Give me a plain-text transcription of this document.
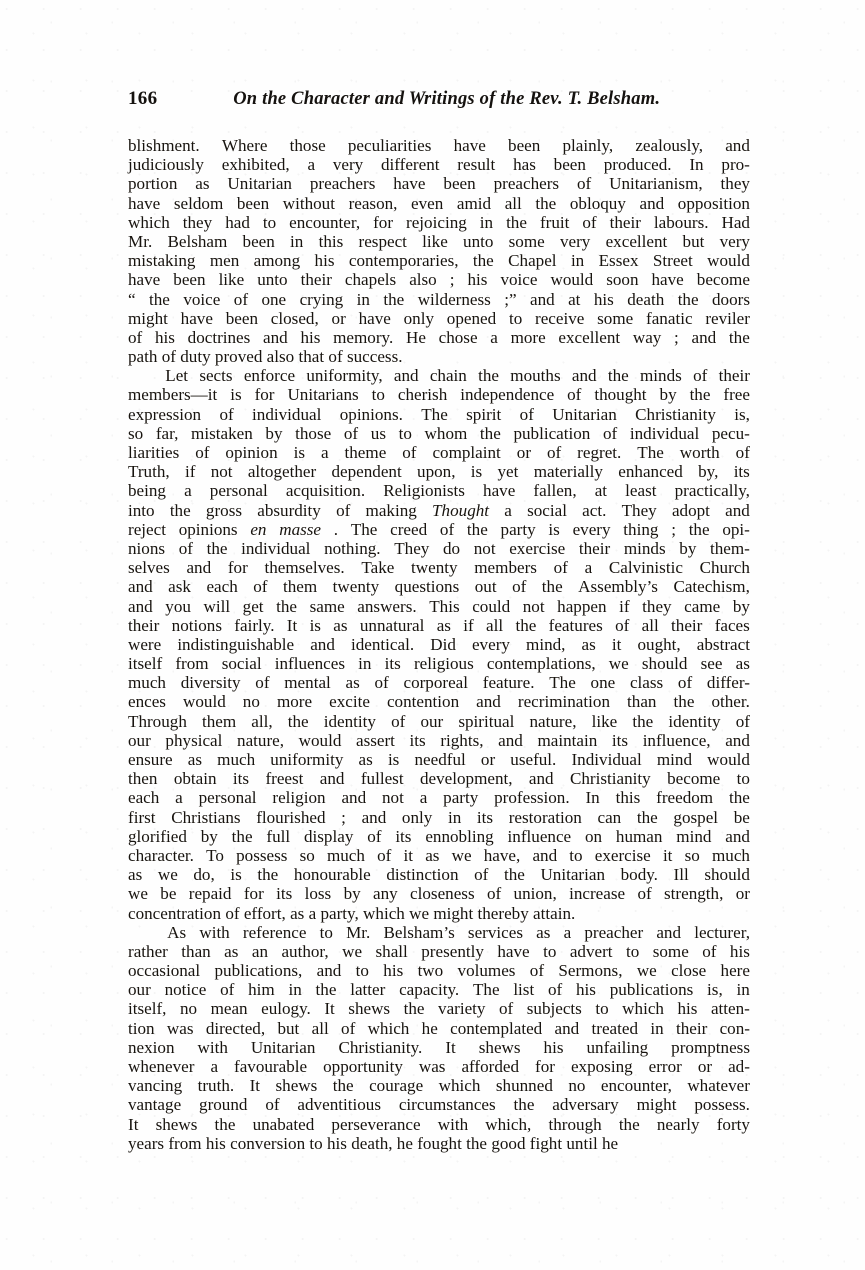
166	On the Character and Writings of the Rev. T. Belsham.

blishment. Where those peculiarities have been plainly, zealously, and
judiciously exhibited, a very different result has been produced. In pro-
portion as Unitarian preachers have been preachers of Unitarianism, they
have seldom been without reason, even amid all the obloquy and opposition
which they had to encounter, for rejoicing in the fruit of their labours. Had
Mr. Belsham been in this respect like unto some very excellent but very
mistaking men among his contemporaries, the Chapel in Essex Street would
have been like unto their chapels also ; his voice would soon have become
“ the voice of one crying in the wilderness ;” and at his death the doors
might have been closed, or have only opened to receive some fanatic reviler
of his doctrines and his memory. He chose a more excellent way ; and the
path of duty proved also that of success.

Let sects enforce uniformity, and chain the mouths and the minds of their
members—it is for Unitarians to cherish independence of thought by the free
expression of individual opinions. The spirit of Unitarian Christianity is,
so far, mistaken by those of us to whom the publication of individual pecu-
liarities of opinion is a theme of complaint or of regret. The worth of
Truth, if not altogether dependent upon, is yet materially enhanced by, its
being a personal acquisition. Religionists have fallen, at least practically,
into the gross absurdity of making Thought a social act. They adopt and
reject opinions en masse . The creed of the party is every thing ; the opi-
nions of the individual nothing. They do not exercise their minds by them-
selves and for themselves. Take twenty members of a Calvinistic Church
and ask each of them twenty questions out of the Assembly’s Catechism,
and you will get the same answers. This could not happen if they came by
their notions fairly. It is as unnatural as if all the features of all their faces
were indistinguishable and identical. Did every mind, as it ought, abstract
itself from social influences in its religious contemplations, we should see as
much diversity of mental as of corporeal feature. The one class of differ-
ences would no more excite contention and recrimination than the other.
Through them all, the identity of our spiritual nature, like the identity of
our physical nature, would assert its rights, and maintain its influence, and
ensure as much uniformity as is needful or useful. Individual mind would
then obtain its freest and fullest development, and Christianity become to
each a personal religion and not a party profession. In this freedom the
first Christians flourished ; and only in its restoration can the gospel be
glorified by the full display of its ennobling influence on human mind and
character. To possess so much of it as we have, and to exercise it so much
as we do, is the honourable distinction of the Unitarian body. Ill should
we be repaid for its loss by any closeness of union, increase of strength, or
concentration of effort, as a party, which we might thereby attain.

As with reference to Mr. Belsham’s services as a preacher and lecturer,
rather than as an author, we shall presently have to advert to some of his
occasional publications, and to his two volumes of Sermons, we close here
our notice of him in the latter capacity. The list of his publications is, in
itself, no mean eulogy. It shews the variety of subjects to which his atten-
tion was directed, but all of which he contemplated and treated in their con-
nexion with Unitarian Christianity. It shews his unfailing promptness
whenever a favourable opportunity was afforded for exposing error or ad-
vancing truth. It shews the courage which shunned no encounter, whatever
vantage ground of adventitious circumstances the adversary might possess.
It shews the unabated perseverance with which, through the nearly forty
years from his conversion to his death, he fought the good fight until he
